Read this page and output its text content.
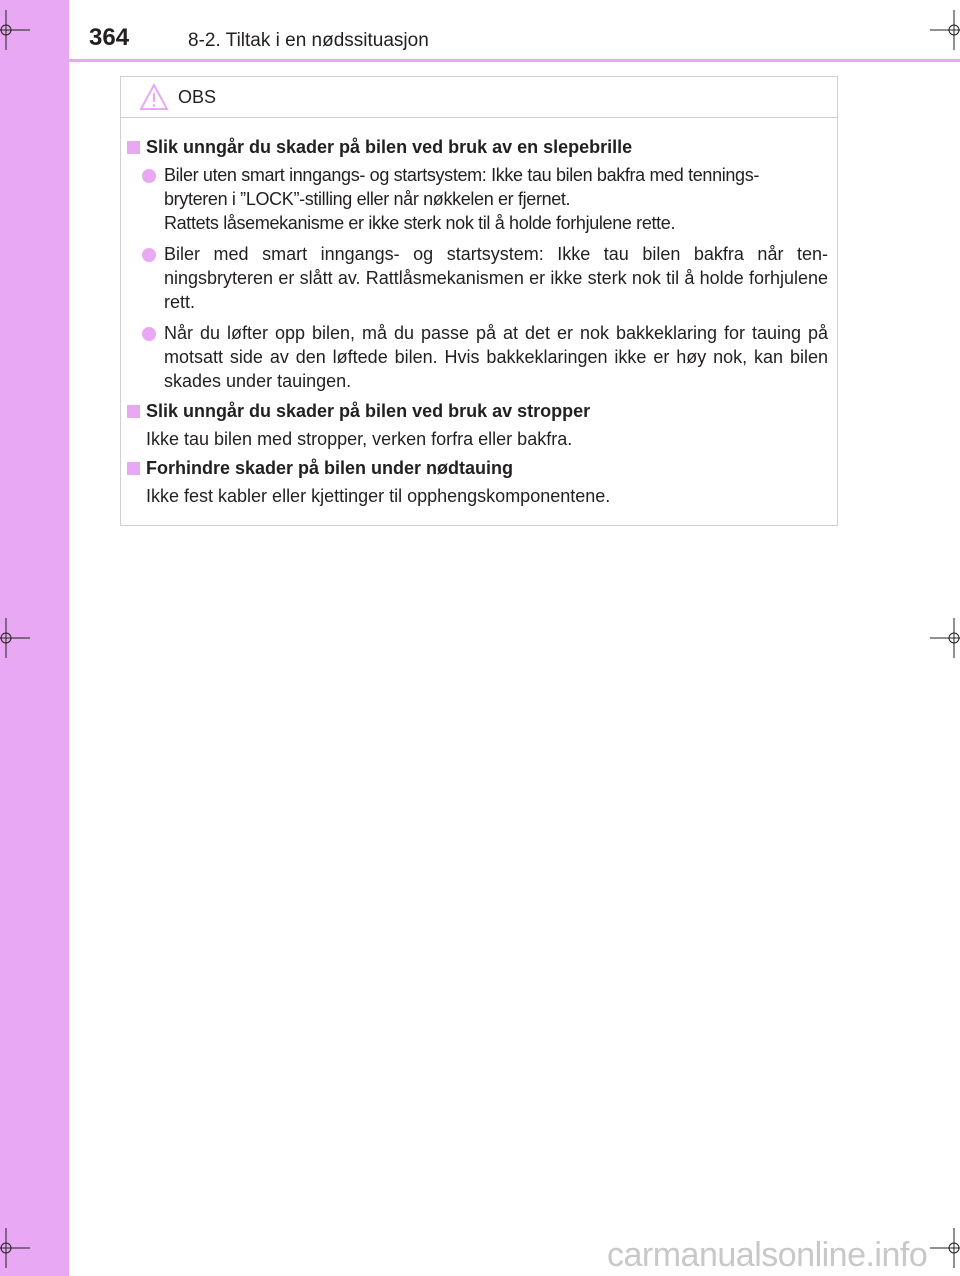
364	8-2. Tiltak i en nødssituasjon
OBS
Slik unngår du skader på bilen ved bruk av en slepebrille
Biler uten smart inngangs- og startsystem: Ikke tau bilen bakfra med tennings-
bryteren i ”LOCK”-stilling eller når nøkkelen er fjernet.
Rattets låsemekanisme er ikke sterk nok til å holde forhjulene rette.
Biler med smart inngangs- og startsystem: Ikke tau bilen bakfra når ten-ningsbryteren er slått av. Rattlåsmekanismen er ikke sterk nok til å holde forhjulene rett.
Når du løfter opp bilen, må du passe på at det er nok bakkeklaring for tauing på motsatt side av den løftede bilen. Hvis bakkeklaringen ikke er høy nok, kan bilen skades under tauingen.
Slik unngår du skader på bilen ved bruk av stropper
Ikke tau bilen med stropper, verken forfra eller bakfra.
Forhindre skader på bilen under nødtauing
Ikke fest kabler eller kjettinger til opphengskomponentene.
carmanualsonline.info
